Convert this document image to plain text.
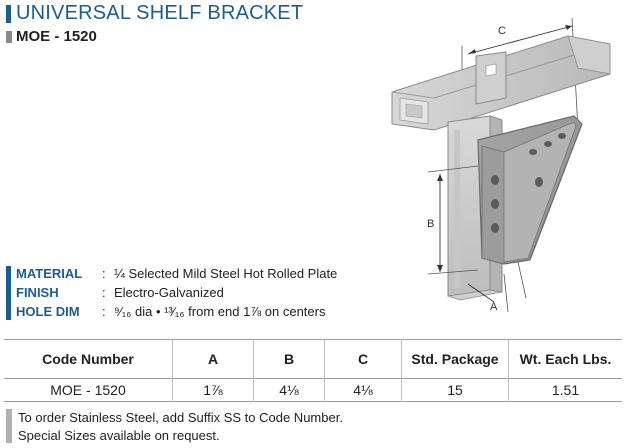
UNIVERSAL SHELF BRACKET
MOE - 1520	C
B
A
MATERIAL	: ¼ Selected Mild Steel Hot Rolled Plate
FINISH	: Electro-Galvanized
HOLE DIM	: ⁹⁄₁₆ dia • ¹³⁄₁₆ from end 1⅞ on centers
Code Number	A	B	C	Std. Package	Wt. Each Lbs.
MOE - 1520	1⅞	4⅛	4⅛	15	1.51
To order Stainless Steel, add Suffix SS to Code Number.
Special Sizes available on request.
